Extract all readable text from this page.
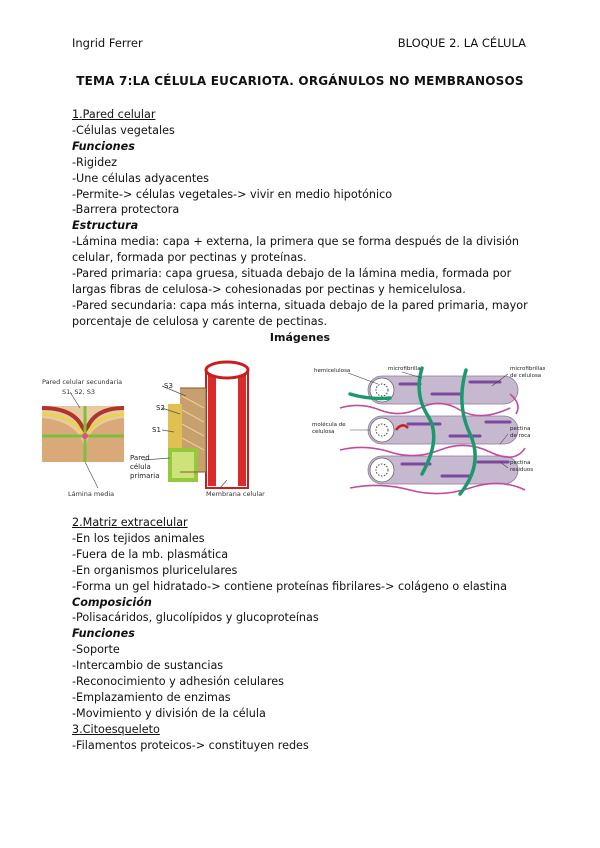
Ingrid Ferrer	BLOQUE 2. LA CÉLULA
TEMA 7:LA CÉLULA EUCARIOTA. ORGÁNULOS NO MEMBRANOSOS
1.Pared celular
-Células vegetales
Funciones
-Rigidez
-Une células adyacentes
-Permite-> células vegetales-> vivir en medio hipotónico
-Barrera protectora
Estructura
-Lámina media: capa + externa, la primera que se forma después de la división celular, formada por pectinas y proteínas.
-Pared primaria: capa gruesa, situada debajo de la lámina media, formada por largas fibras de celulosa-> cohesionadas por pectinas y hemicelulosa.
-Pared secundaria: capa más interna, situada debajo de la pared primaria, mayor porcentaje de celulosa y carente de pectinas.
Imágenes
Pared celular secundaria
S1, S2, S3
S3
S2
S1
Pared célula primaria
Lámina media	Membrana celular
hemicelulosa	microfibrilla	microfibrillas de celulosa
molécula de celulosa	pectina de roca
pectina residuos
2.Matriz extracelular
-En los tejidos animales
-Fuera de la mb. plasmática
-En organismos pluricelulares
-Forma un gel hidratado-> contiene proteínas fibrilares-> colágeno o elastina
Composición
-Polisacáridos, glucolípidos y glucoproteínas
Funciones
-Soporte
-Intercambio de sustancias
-Reconocimiento y adhesión celulares
-Emplazamiento de enzimas
-Movimiento y división de la célula
3.Citoesqueleto
-Filamentos proteicos-> constituyen redes
